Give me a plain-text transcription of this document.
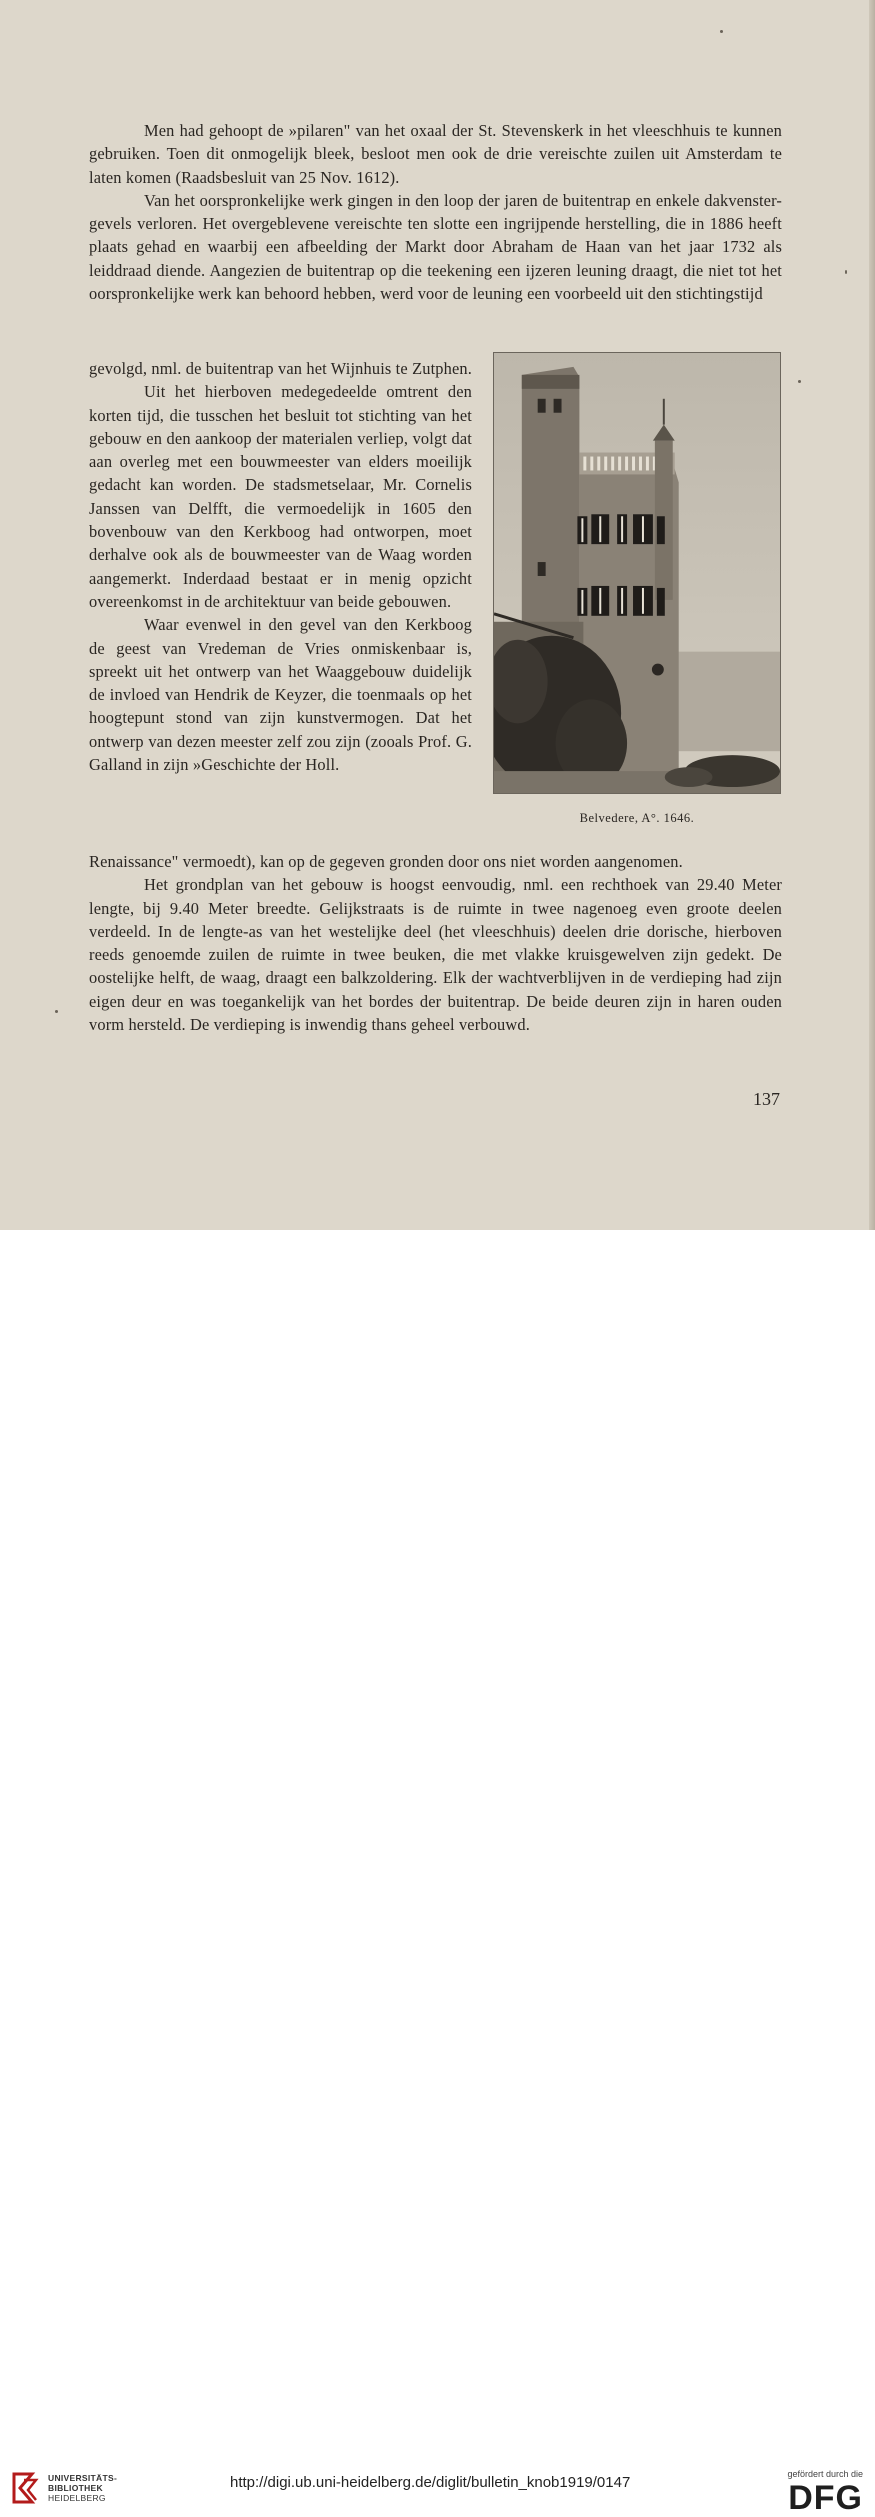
Men had gehoopt de »pilaren" van het oxaal der St. Stevenskerk in het vleeschhuis te kunnen gebruiken. Toen dit onmogelijk bleek, besloot men ook de drie vereischte zuilen uit Amsterdam te laten komen (Raadsbesluit van 25 Nov. 1612).

Van het oorspronkelijke werk gingen in den loop der jaren de buitentrap en enkele dakvenster-gevels verloren. Het overgeblevene vereischte ten slotte een ingrijpende herstelling, die in 1886 heeft plaats gehad en waarbij een afbeelding der Markt door Abraham de Haan van het jaar 1732 als leiddraad diende. Aangezien de buitentrap op die teekening een ijzeren leuning draagt, die niet tot het oorspronkelijke werk kan behoord hebben, werd voor de leuning een voorbeeld uit den stichtingstijd

gevolgd, nml. de buitentrap van het Wijnhuis te Zutphen.

Uit het hierboven medegedeelde omtrent den korten tijd, die tusschen het besluit tot stichting van het gebouw en den aankoop der materialen verliep, volgt dat aan overleg met een bouwmeester van elders moeilijk gedacht kan worden. De stadsmetselaar, Mr. Cornelis Janssen van Delfft, die vermoedelijk in 1605 den bovenbouw van den Kerkboog had ontworpen, moet derhalve ook als de bouwmeester van de Waag worden aangemerkt. Inderdaad bestaat er in menig opzicht overeenkomst in de architektuur van beide gebouwen.

Waar evenwel in den gevel van den Kerkboog de geest van Vredeman de Vries onmiskenbaar is, spreekt uit het ontwerp van het Waaggebouw duidelijk de invloed van Hendrik de Keyzer, die toenmaals op het hoogtepunt stond van zijn kunstvermogen. Dat het ontwerp van dezen meester zelf zou zijn (zooals Prof. G. Galland in zijn »Geschichte der Holl.

Belvedere, A°. 1646.

Renaissance" vermoedt), kan op de gegeven gronden door ons niet worden aangenomen.

Het grondplan van het gebouw is hoogst eenvoudig, nml. een rechthoek van 29.40 Meter lengte, bij 9.40 Meter breedte. Gelijkstraats is de ruimte in twee nagenoeg even groote deelen verdeeld. In de lengte-as van het westelijke deel (het vleeschhuis) deelen drie dorische, hierboven reeds genoemde zuilen de ruimte in twee beuken, die met vlakke kruisgewelven zijn gedekt. De oostelijke helft, de waag, draagt een balkzoldering. Elk der wachtverblijven in de verdieping had zijn eigen deur en was toegankelijk van het bordes der buitentrap. De beide deuren zijn in haren ouden vorm hersteld. De verdieping is inwendig thans geheel verbouwd.

137
UNIVERSITÄTS-
BIBLIOTHEK
HEIDELBERG
http://digi.ub.uni-heidelberg.de/diglit/bulletin_knob1919/0147	gefördert durch die
DFG
